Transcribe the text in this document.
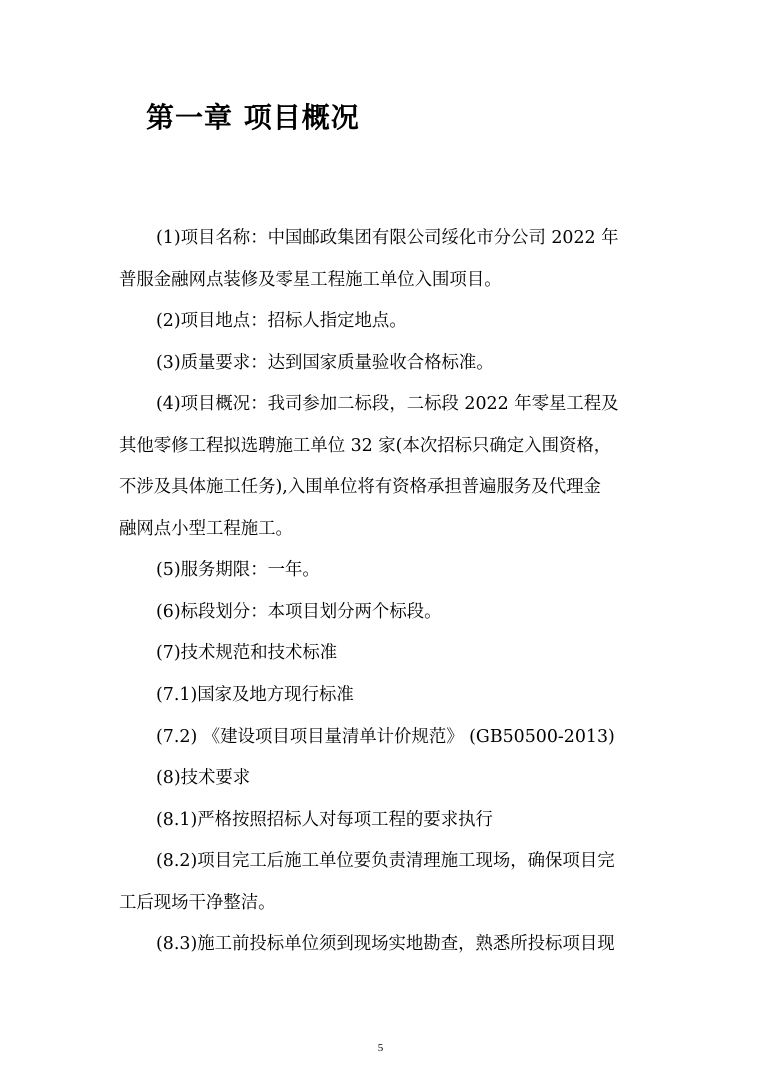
第一章 项目概况
(1)项目名称：中国邮政集团有限公司绥化市分公司 2022 年
普服金融网点装修及零星工程施工单位入围项目。
(2)项目地点：招标人指定地点。
(3)质量要求：达到国家质量验收合格标准。
(4)项目概况：我司参加二标段，二标段 2022 年零星工程及
其他零修工程拟选聘施工单位 32 家(本次招标只确定入围资格，
不涉及具体施工任务),入围单位将有资格承担普遍服务及代理金
融网点小型工程施工。
(5)服务期限：一年。
(6)标段划分：本项目划分两个标段。
(7)技术规范和技术标准
(7.1)国家及地方现行标准
(7.2) 《建设项目项目量清单计价规范》 (GB50500-2013)
(8)技术要求
(8.1)严格按照招标人对每项工程的要求执行
(8.2)项目完工后施工单位要负责清理施工现场，确保项目完
工后现场干净整洁。
(8.3)施工前投标单位须到现场实地勘查，熟悉所投标项目现
5
